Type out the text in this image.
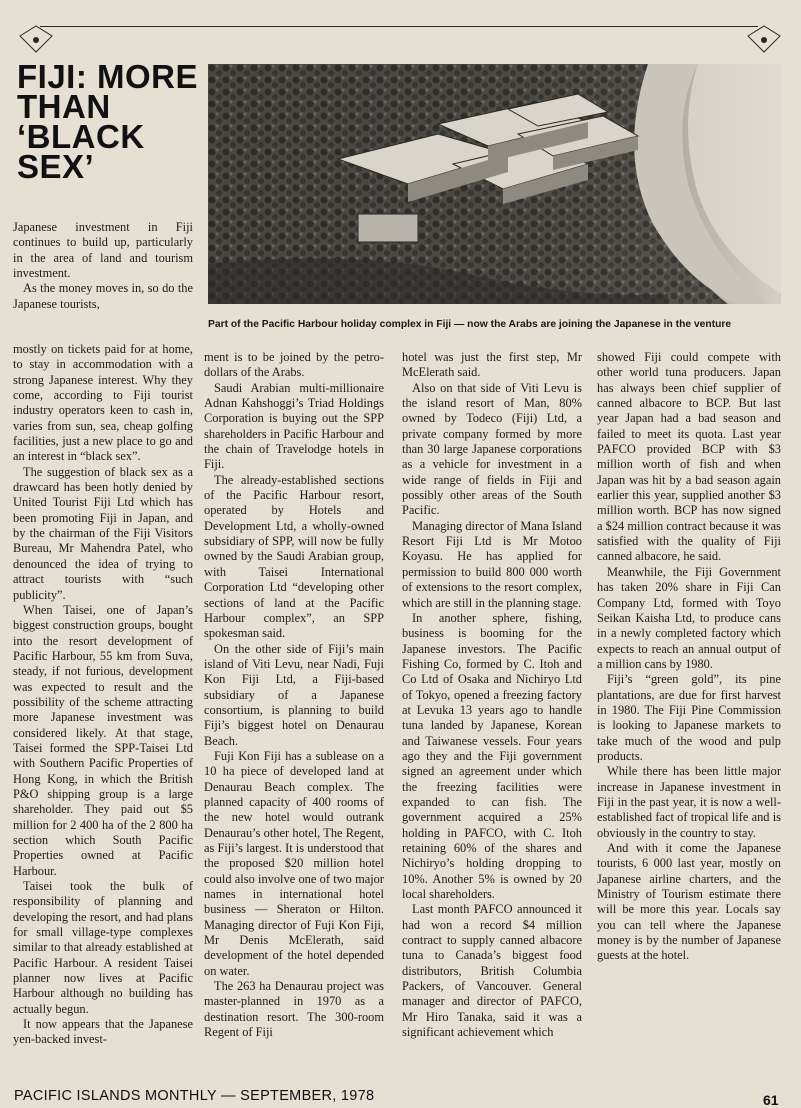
FIJI: MORE
THAN
‘BLACK
SEX’
Part of the Pacific Harbour holiday complex in Fiji — now the Arabs are joining the Japanese in the venture

Japanese investment in Fiji continues to build up, particularly in the area of land and tourism investment.

As the money moves in, so do the Japanese tourists,

mostly on tickets paid for at home, to stay in accommodation with a strong Japanese interest. Why they come, according to Fiji tourist industry operators keen to cash in, varies from sun, sea, cheap golfing facilities, just a new place to go and an interest in “black sex”.

The suggestion of black sex as a drawcard has been hotly denied by United Tourist Fiji Ltd which has been promoting Fiji in Japan, and by the chairman of the Fiji Visitors Bureau, Mr Mahendra Patel, who denounced the idea of trying to attract tourists with “such publicity”.

When Taisei, one of Japan’s biggest construction groups, bought into the resort development of Pacific Harbour, 55 km from Suva, steady, if not furious, development was expected to result and the possibility of the scheme attracting more Japanese investment was considered likely. At that stage, Taisei formed the SPP-Taisei Ltd with Southern Pacific Properties of Hong Kong, in which the British P&O shipping group is a large shareholder. They paid out $5 million for 2 400 ha of the 2 800 ha section which South Pacific Properties owned at Pacific Harbour.

Taisei took the bulk of responsibility of planning and developing the resort, and had plans for small village-type complexes similar to that already established at Pacific Harbour. A resident Taisei planner now lives at Pacific Harbour although no building has actually begun.

It now appears that the Japanese yen-backed invest-

ment is to be joined by the petro-dollars of the Arabs.

Saudi Arabian multi-millionaire Adnan Kahshoggi’s Triad Holdings Corporation is buying out the SPP shareholders in Pacific Harbour and the chain of Travelodge hotels in Fiji.

The already-established sections of the Pacific Harbour resort, operated by Hotels and Development Ltd, a wholly-owned subsidiary of SPP, will now be fully owned by the Saudi Arabian group, with Taisei International Corporation Ltd “developing other sections of land at the Pacific Harbour complex”, an SPP spokesman said.

On the other side of Fiji’s main island of Viti Levu, near Nadi, Fuji Kon Fiji Ltd, a Fiji-based subsidiary of a Japanese consortium, is planning to build Fiji’s biggest hotel on Denaurau Beach.

Fuji Kon Fiji has a sublease on a 10 ha piece of developed land at Denaurau Beach complex. The planned capacity of 400 rooms of the new hotel would outrank Denaurau’s other hotel, The Regent, as Fiji’s largest. It is understood that the proposed $20 million hotel could also involve one of two major names in international hotel business — Sheraton or Hilton. Managing director of Fuji Kon Fiji, Mr Denis McElerath, said development of the hotel depended on water.

The 263 ha Denaurau project was master-planned in 1970 as a destination resort. The 300-room Regent of Fiji

hotel was just the first step, Mr McElerath said.

Also on that side of Viti Levu is the island resort of Man, 80% owned by Todeco (Fiji) Ltd, a private company formed by more than 30 large Japanese corporations as a vehicle for investment in a wide range of fields in Fiji and possibly other areas of the South Pacific.

Managing director of Mana Island Resort Fiji Ltd is Mr Motoo Koyasu. He has applied for permission to build 800 000 worth of extensions to the resort complex, which are still in the planning stage.

In another sphere, fishing, business is booming for the Japanese investors. The Pacific Fishing Co, formed by C. Itoh and Co Ltd of Osaka and Nichiryo Ltd of Tokyo, opened a freezing factory at Levuka 13 years ago to handle tuna landed by Japanese, Korean and Taiwanese vessels. Four years ago they and the Fiji government signed an agreement under which the freezing facilities were expanded to can fish. The government acquired a 25% holding in PAFCO, with C. Itoh retaining 60% of the shares and Nichiryo’s holding dropping to 10%. Another 5% is owned by 20 local shareholders.

Last month PAFCO announced it had won a record $4 million contract to supply canned albacore tuna to Canada’s biggest food distributors, British Columbia Packers, of Vancouver. General manager and director of PAFCO, Mr Hiro Tanaka, said it was a significant achievement which

showed Fiji could compete with other world tuna producers. Japan has always been chief supplier of canned albacore to BCP. But last year Japan had a bad season and failed to meet its quota. Last year PAFCO provided BCP with $3 million worth of fish and when Japan was hit by a bad season again earlier this year, supplied another $3 million worth. BCP has now signed a $24 million contract because it was satisfied with the quality of Fiji canned albacore, he said.

Meanwhile, the Fiji Government has taken 20% share in Fiji Can Company Ltd, formed with Toyo Seikan Kaisha Ltd, to produce cans in a newly completed factory which expects to reach an annual output of a million cans by 1980.

Fiji’s “green gold”, its pine plantations, are due for first harvest in 1980. The Fiji Pine Commission is looking to Japanese markets to take much of the wood and pulp products.

While there has been little major increase in Japanese investment in Fiji in the past year, it is now a well-established fact of tropical life and is obviously in the country to stay.

And with it come the Japanese tourists, 6 000 last year, mostly on Japanese airline charters, and the Ministry of Tourism estimate there will be more this year. Locals say you can tell where the Japanese money is by the number of Japanese guests at the hotel.

PACIFIC ISLANDS MONTHLY — SEPTEMBER, 1978	61
